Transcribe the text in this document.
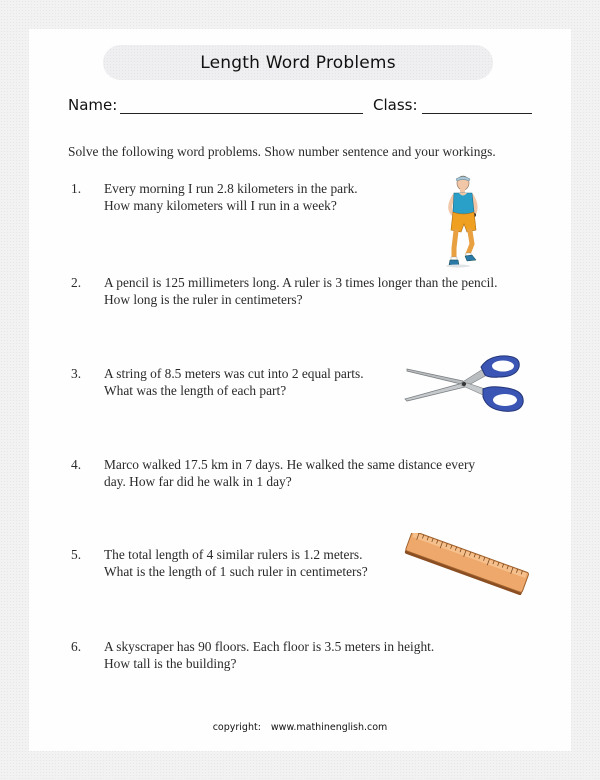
Length Word Problems
Name:	Class:
Solve the following word problems. Show number sentence and your workings.
1. Every morning I run 2.8 kilometers in the park.
How many kilometers will I run in a week?
2. A pencil is 125 millimeters long. A ruler is 3 times longer than the pencil.
How long is the ruler in centimeters?
3. A string of 8.5 meters was cut into 2 equal parts.
What was the length of each part?
4. Marco walked 17.5 km in 7 days. He walked the same distance every
day. How far did he walk in 1 day?
5. The total length of 4 similar rulers is 1.2 meters.
What is the length of 1 such ruler in centimeters?
6. A skyscraper has 90 floors. Each floor is 3.5 meters in height.
How tall is the building?
copyright: www.mathinenglish.com
